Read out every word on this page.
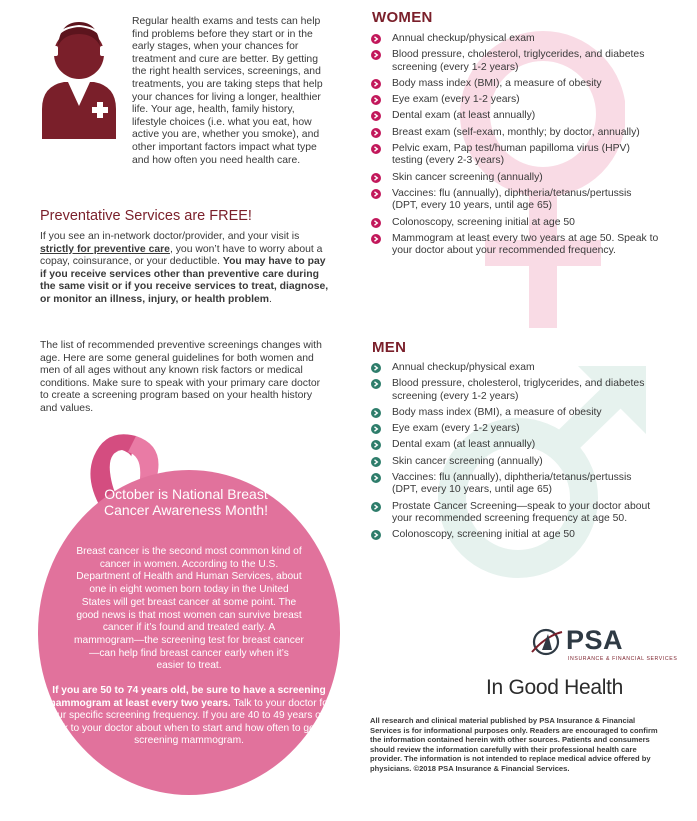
Regular health exams and tests can help find problems before they start or in the early stages, when your chances for treatment and cure are better. By getting the right health services, screenings, and treatments, you are taking steps that help your chances for living a longer, healthier life. Your age, health, family history, lifestyle choices (i.e. what you eat, how active you are, whether you smoke), and other important factors impact what type and how often you need health care.
Preventative Services are FREE!

If you see an in-network doctor/provider, and your visit is strictly for preventive care, you won’t have to worry about a copay, coinsurance, or your deductible. You may have to pay if you receive services other than preventive care during the same visit or if you receive services to treat, diagnose, or monitor an illness, injury, or health problem.

The list of recommended preventive screenings changes with age. Here are some general guidelines for both women and men of all ages without any known risk factors or medical conditions. Make sure to speak with your primary care doctor to create a screening program based on your health history and values.

October is National Breast Cancer Awareness Month!

Breast cancer is the second most common kind of cancer in women. According to the U.S. Department of Health and Human Services, about one in eight women born today in the United States will get breast cancer at some point. The good news is that most women can survive breast cancer if it’s found and treated early. A mammogram—the screening test for breast cancer—can help find breast cancer early when it’s easier to treat.

If you are 50 to 74 years old, be sure to have a screening mammogram at least every two years. Talk to your doctor for your specific screening frequency. If you are 40 to 49 years old, talk to your doctor about when to start and how often to get a screening mammogram.

WOMEN
Annual checkup/physical exam
Blood pressure, cholesterol, triglycerides, and diabetes screening (every 1-2 years)
Body mass index (BMI), a measure of obesity
Eye exam (every 1-2 years)
Dental exam (at least annually)
Breast exam (self-exam, monthly; by doctor, annually)
Pelvic exam, Pap test/human papilloma virus (HPV) testing (every 2-3 years)
Skin cancer screening (annually)
Vaccines: flu (annually), diphtheria/tetanus/pertussis (DPT, every 10 years, until age 65)
Colonoscopy, screening initial at age 50
Mammogram at least every two years at age 50. Speak to your doctor about your recommended frequency.
MEN
Annual checkup/physical exam
Blood pressure, cholesterol, triglycerides, and diabetes screening (every 1-2 years)
Body mass index (BMI), a measure of obesity
Eye exam (every 1-2 years)
Dental exam (at least annually)
Skin cancer screening (annually)
Vaccines: flu (annually), diphtheria/tetanus/pertussis (DPT, every 10 years, until age 65)
Prostate Cancer Screening—speak to your doctor about your recommended screening frequency at age 50.
Colonoscopy, screening initial at age 50
PSA
INSURANCE & FINANCIAL SERVICES
In Good Health

All research and clinical material published by PSA Insurance & Financial Services is for informational purposes only. Readers are encouraged to confirm the information contained herein with other sources. Patients and consumers should review the information carefully with their professional health care provider. The information is not intended to replace medical advice offered by physicians. ©2018 PSA Insurance & Financial Services.
